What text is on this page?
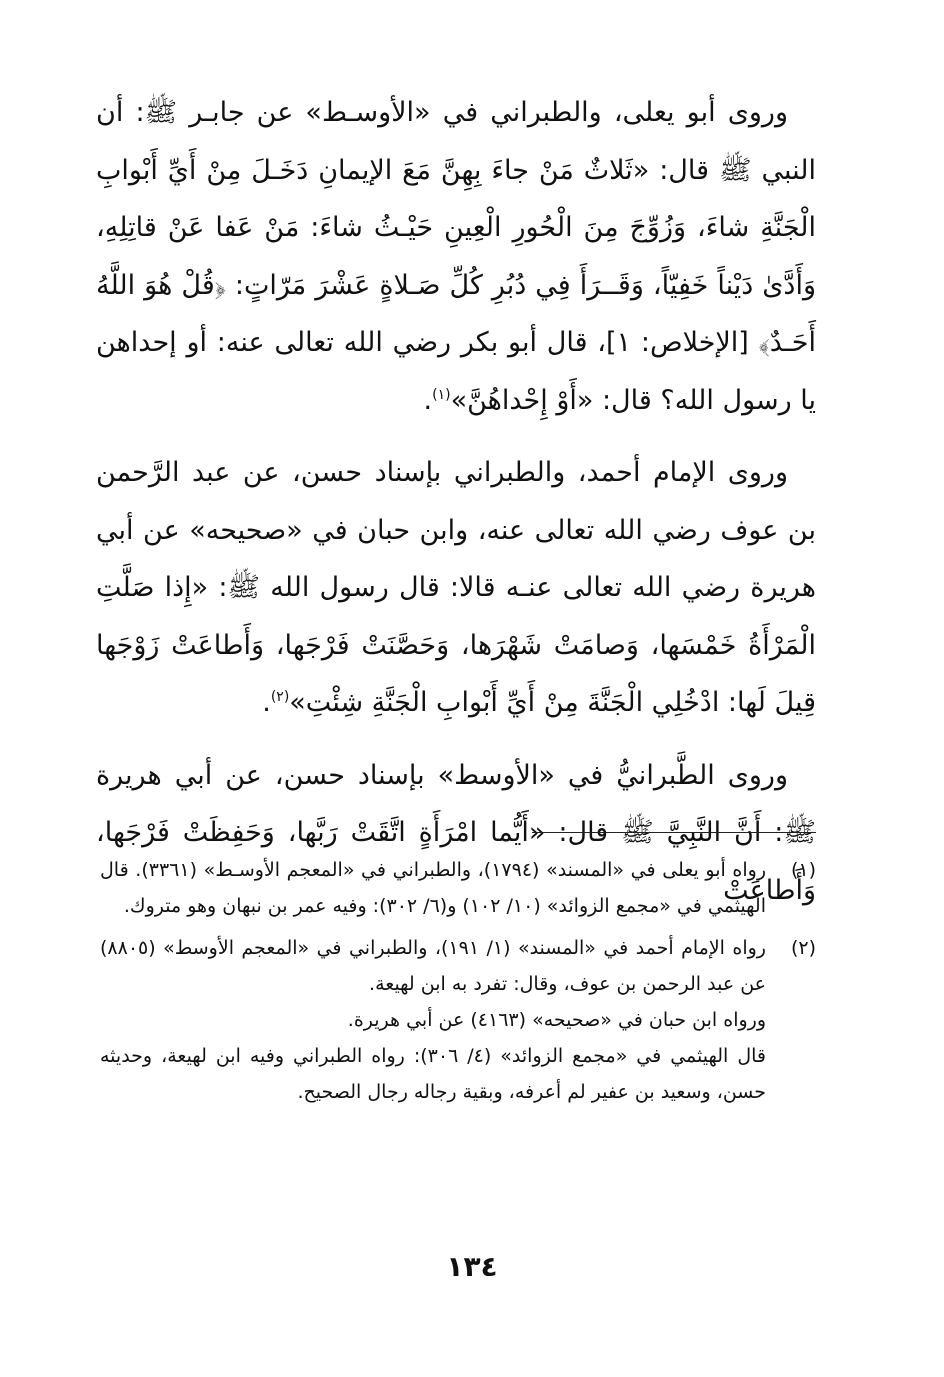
وروى أبو يعلى، والطبراني في «الأوسـط» عن جابـر ﷺ: أن النبي ﷺ قال: «ثَلاثٌ مَنْ جاءَ بِهِنَّ مَعَ الإيمانِ دَخَـلَ مِنْ أَيِّ أَبْوابِ الْجَنَّةِ شاءَ، وَزُوِّجَ مِنَ الْحُورِ الْعِينِ حَيْـثُ شاءَ: مَنْ عَفا عَنْ قاتِلِهِ، وَأَدَّىٰ دَيْناً خَفِيّاً، وَقَــرَأَ فِي دُبُرِ كُلِّ صَـلاةٍ عَشْرَ مَرّاتٍ: ﴿قُلْ هُوَ اللَّهُ أَحَـدٌ﴾ [الإخلاص: ١]، قال أبو بكر رضي الله تعالى عنه: أو إحداهن يا رسول الله؟ قال: «أَوْ إِحْداهُنَّ»$^{(١)}$.

وروى الإمام أحمد، والطبراني بإسناد حسن، عن عبد الرَّحمن بن عوف رضي الله تعالى عنه، وابن حبان في «صحيحه» عن أبي هريرة رضي الله تعالى عنـه قالا: قال رسول الله ﷺ: «إِذا صَلَّتِ الْمَرْأَةُ خَمْسَها، وَصامَتْ شَهْرَها، وَحَصَّنَتْ فَرْجَها، وَأَطاعَتْ زَوْجَها قِيلَ لَها: ادْخُلِي الْجَنَّةَ مِنْ أَيِّ أَبْوابِ الْجَنَّةِ شِئْتِ»$^{(٢)}$.

وروى الطَّبرانيُّ في «الأوسط» بإسناد حسن، عن أبي هريرة ﷺ: أَنَّ النَّبِيَّ ﷺ قال: «أَيُّما امْرَأَةٍ اتَّقَتْ رَبَّها، وَحَفِظَتْ فَرْجَها، وَأَطاعَتْ

(١)
رواه أبو يعلى في «المسند» (١٧٩٤)، والطبراني في «المعجم الأوسـط» (٣٣٦١). قال الهيثمي في «مجمع الزوائد» (١٠/ ١٠٢) و(٦/ ٣٠٢): وفيه عمر بن نبهان وهو متروك.
(٢)
رواه الإمام أحمد في «المسند» (١/ ١٩١)، والطبراني في «المعجم الأوسط» (٨٨٠٥) عن عبد الرحمن بن عوف، وقال: تفرد به ابن لهيعة.
ورواه ابن حبان في «صحيحه» (٤١٦٣) عن أبي هريرة.
قال الهيثمي في «مجمع الزوائد» (٤/ ٣٠٦): رواه الطبراني وفيه ابن لهيعة، وحديثه حسن، وسعيد بن عفير لم أعرفه، وبقية رجاله رجال الصحيح.
١٣٤
